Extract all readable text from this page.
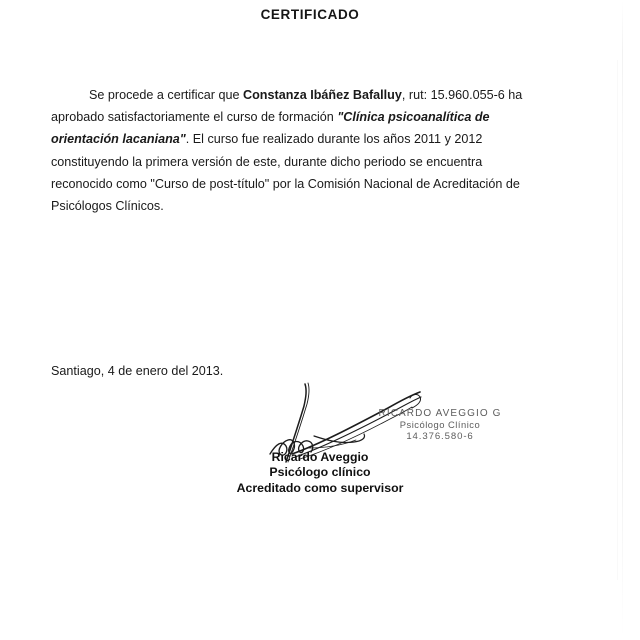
CERTIFICADO
Se procede a certificar que Constanza Ibáñez Bafalluy, rut: 15.960.055-6 ha aprobado satisfactoriamente el curso de formación "Clínica psicoanalítica de orientación lacaniana". El curso fue realizado durante los años 2011 y 2012 constituyendo la primera versión de este, durante dicho periodo se encuentra reconocido como "Curso de post-título" por la Comisión Nacional de Acreditación de Psicólogos Clínicos.
Santiago, 4 de enero del 2013.
RICARDO AVEGGIO G
Psicólogo Clínico
14.376.580-6
Ricardo Aveggio
Psicólogo clínico
Acreditado como supervisor
